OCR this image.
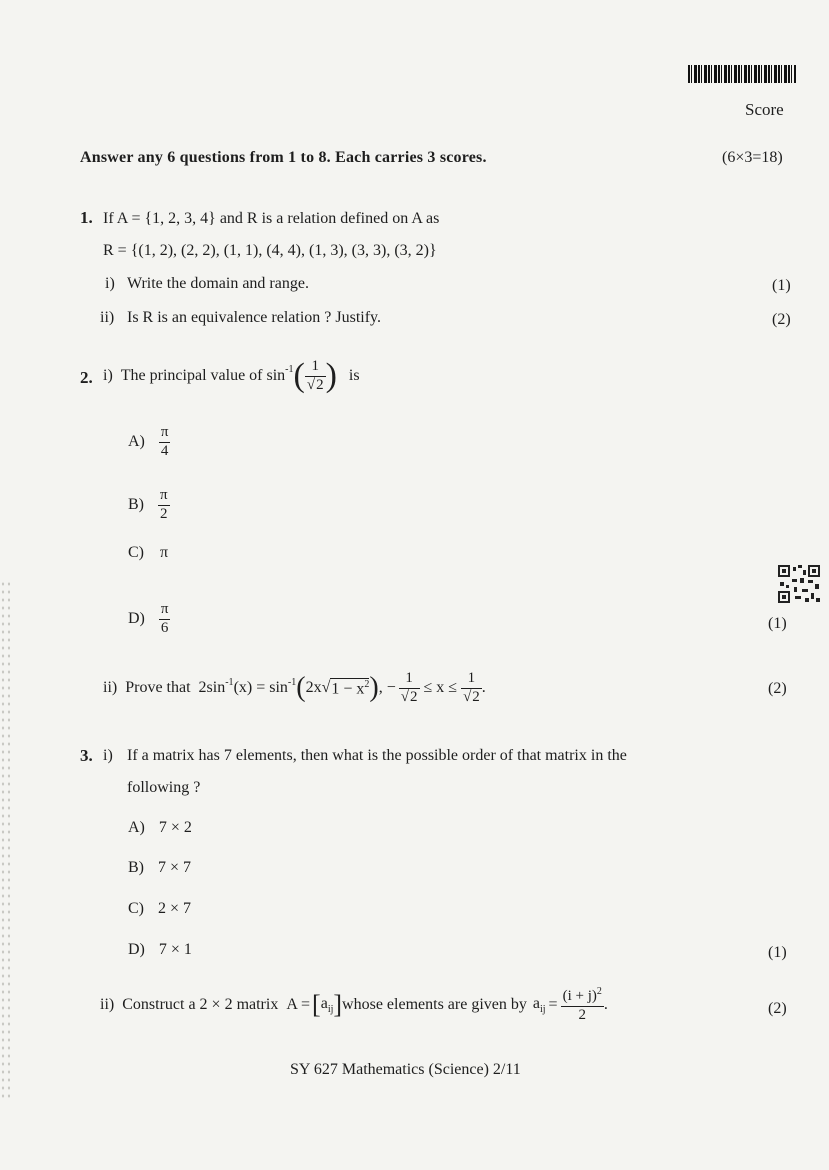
Score
Answer any 6 questions from 1 to 8. Each carries 3 scores.	(6×3=18)
1. If A = {1, 2, 3, 4} and R is a relation defined on A as
R = {(1, 2), (2, 2), (1, 1), (4, 4), (1, 3), (3, 3), (3, 2)}
i) Write the domain and range.	(1)
ii) Is R is an equivalence relation ? Justify.	(2)
2. i) The principal value of $\sin^{-1}$ ( $\frac{1}{√2}$ ) is
$A) \frac{\pi}{4}$
$B) \frac{\pi}{2}$
C) π
$D) \frac{\pi}{6}$	(1)
ii) Prove that $2\sin^{-1}$ $(x) = \sin^{-1}$ ( 2x √ $1 - x^2$ ) , − $\frac{1}{√2} \le x \le \frac{1}{√2}$ .	(2)
3. i) If a matrix has 7 elements, then what is the possible order of that matrix in the
following ?
A) 7 × 2
B) 7 × 7
C) 2 × 7
D) 7 × 1	(1)
ii) Construct a 2 × 2 matrix A = [ $a_{ij}$ ] whose elements are given by $a_{ij} = \frac{(i + j)^2}{2}$ .	(2)
SY 627 Mathematics (Science) 2/11
